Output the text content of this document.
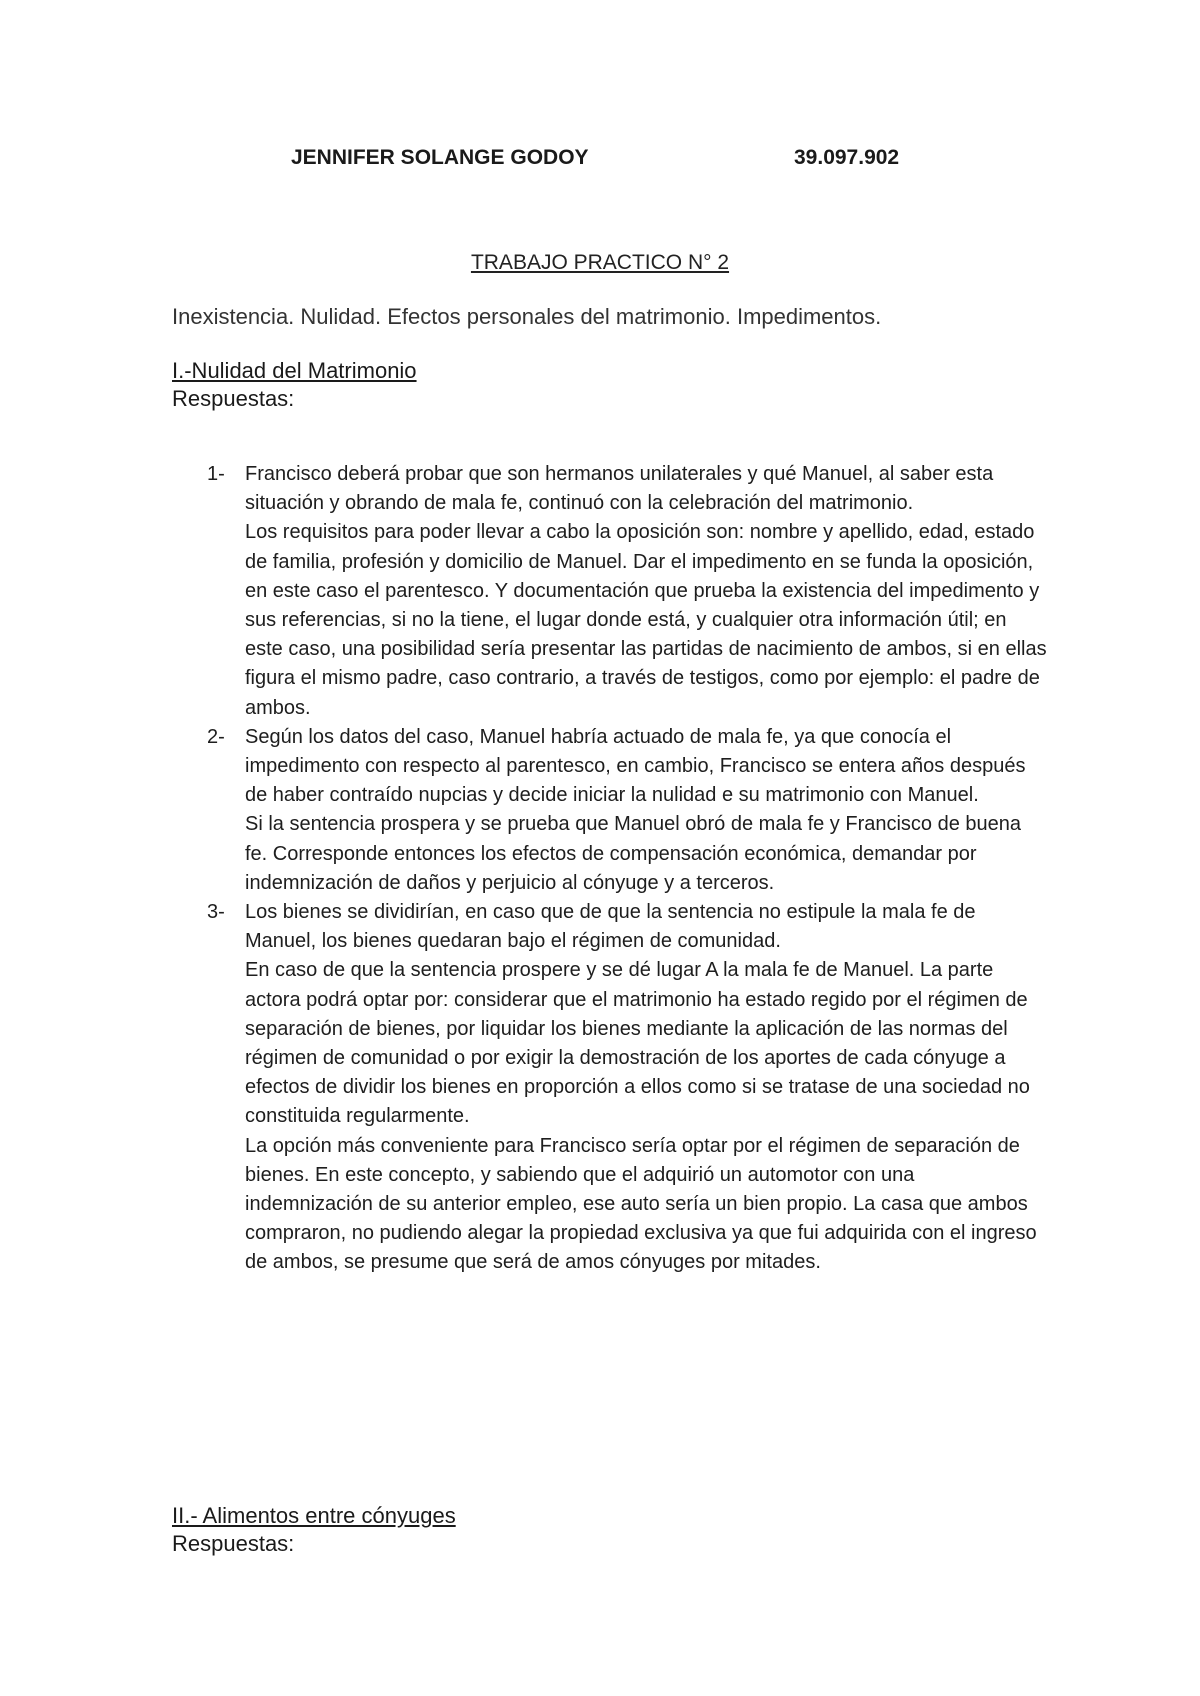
JENNIFER SOLANGE GODOY	39.097.902
TRABAJO PRACTICO N° 2
Inexistencia. Nulidad. Efectos personales del matrimonio. Impedimentos.
I.-Nulidad del Matrimonio
Respuestas:
1- Francisco deberá probar que son hermanos unilaterales y qué Manuel, al saber esta situación y obrando de mala fe, continuó con la celebración del matrimonio.

Los requisitos para poder llevar a cabo la oposición son: nombre y apellido, edad, estado de familia, profesión y domicilio de Manuel. Dar el impedimento en se funda la oposición, en este caso el parentesco. Y documentación que prueba la existencia del impedimento y sus referencias, si no la tiene, el lugar donde está, y cualquier otra información útil; en este caso, una posibilidad sería presentar las partidas de nacimiento de ambos, si en ellas figura el mismo padre, caso contrario, a través de testigos, como por ejemplo: el padre de ambos.

2- Según los datos del caso, Manuel habría actuado de mala fe, ya que conocía el impedimento con respecto al parentesco, en cambio, Francisco se entera años después de haber contraído nupcias y decide iniciar la nulidad e su matrimonio con Manuel.

Si la sentencia prospera y se prueba que Manuel obró de mala fe y Francisco de buena fe. Corresponde entonces los efectos de compensación económica, demandar por indemnización de daños y perjuicio al cónyuge y a terceros.

3- Los bienes se dividirían, en caso que de que la sentencia no estipule la mala fe de Manuel, los bienes quedaran bajo el régimen de comunidad.

En caso de que la sentencia prospere y se dé lugar A la mala fe de Manuel. La parte actora podrá optar por: considerar que el matrimonio ha estado regido por el régimen de separación de bienes, por liquidar los bienes mediante la aplicación de las normas del régimen de comunidad o por exigir la demostración de los aportes de cada cónyuge a efectos de dividir los bienes en proporción a ellos como si se tratase de una sociedad no constituida regularmente.

La opción más conveniente para Francisco sería optar por el régimen de separación de bienes. En este concepto, y sabiendo que el adquirió un automotor con una indemnización de su anterior empleo, ese auto sería un bien propio. La casa que ambos compraron, no pudiendo alegar la propiedad exclusiva ya que fui adquirida con el ingreso de ambos, se presume que será de amos cónyuges por mitades.

II.- Alimentos entre cónyuges
Respuestas:
